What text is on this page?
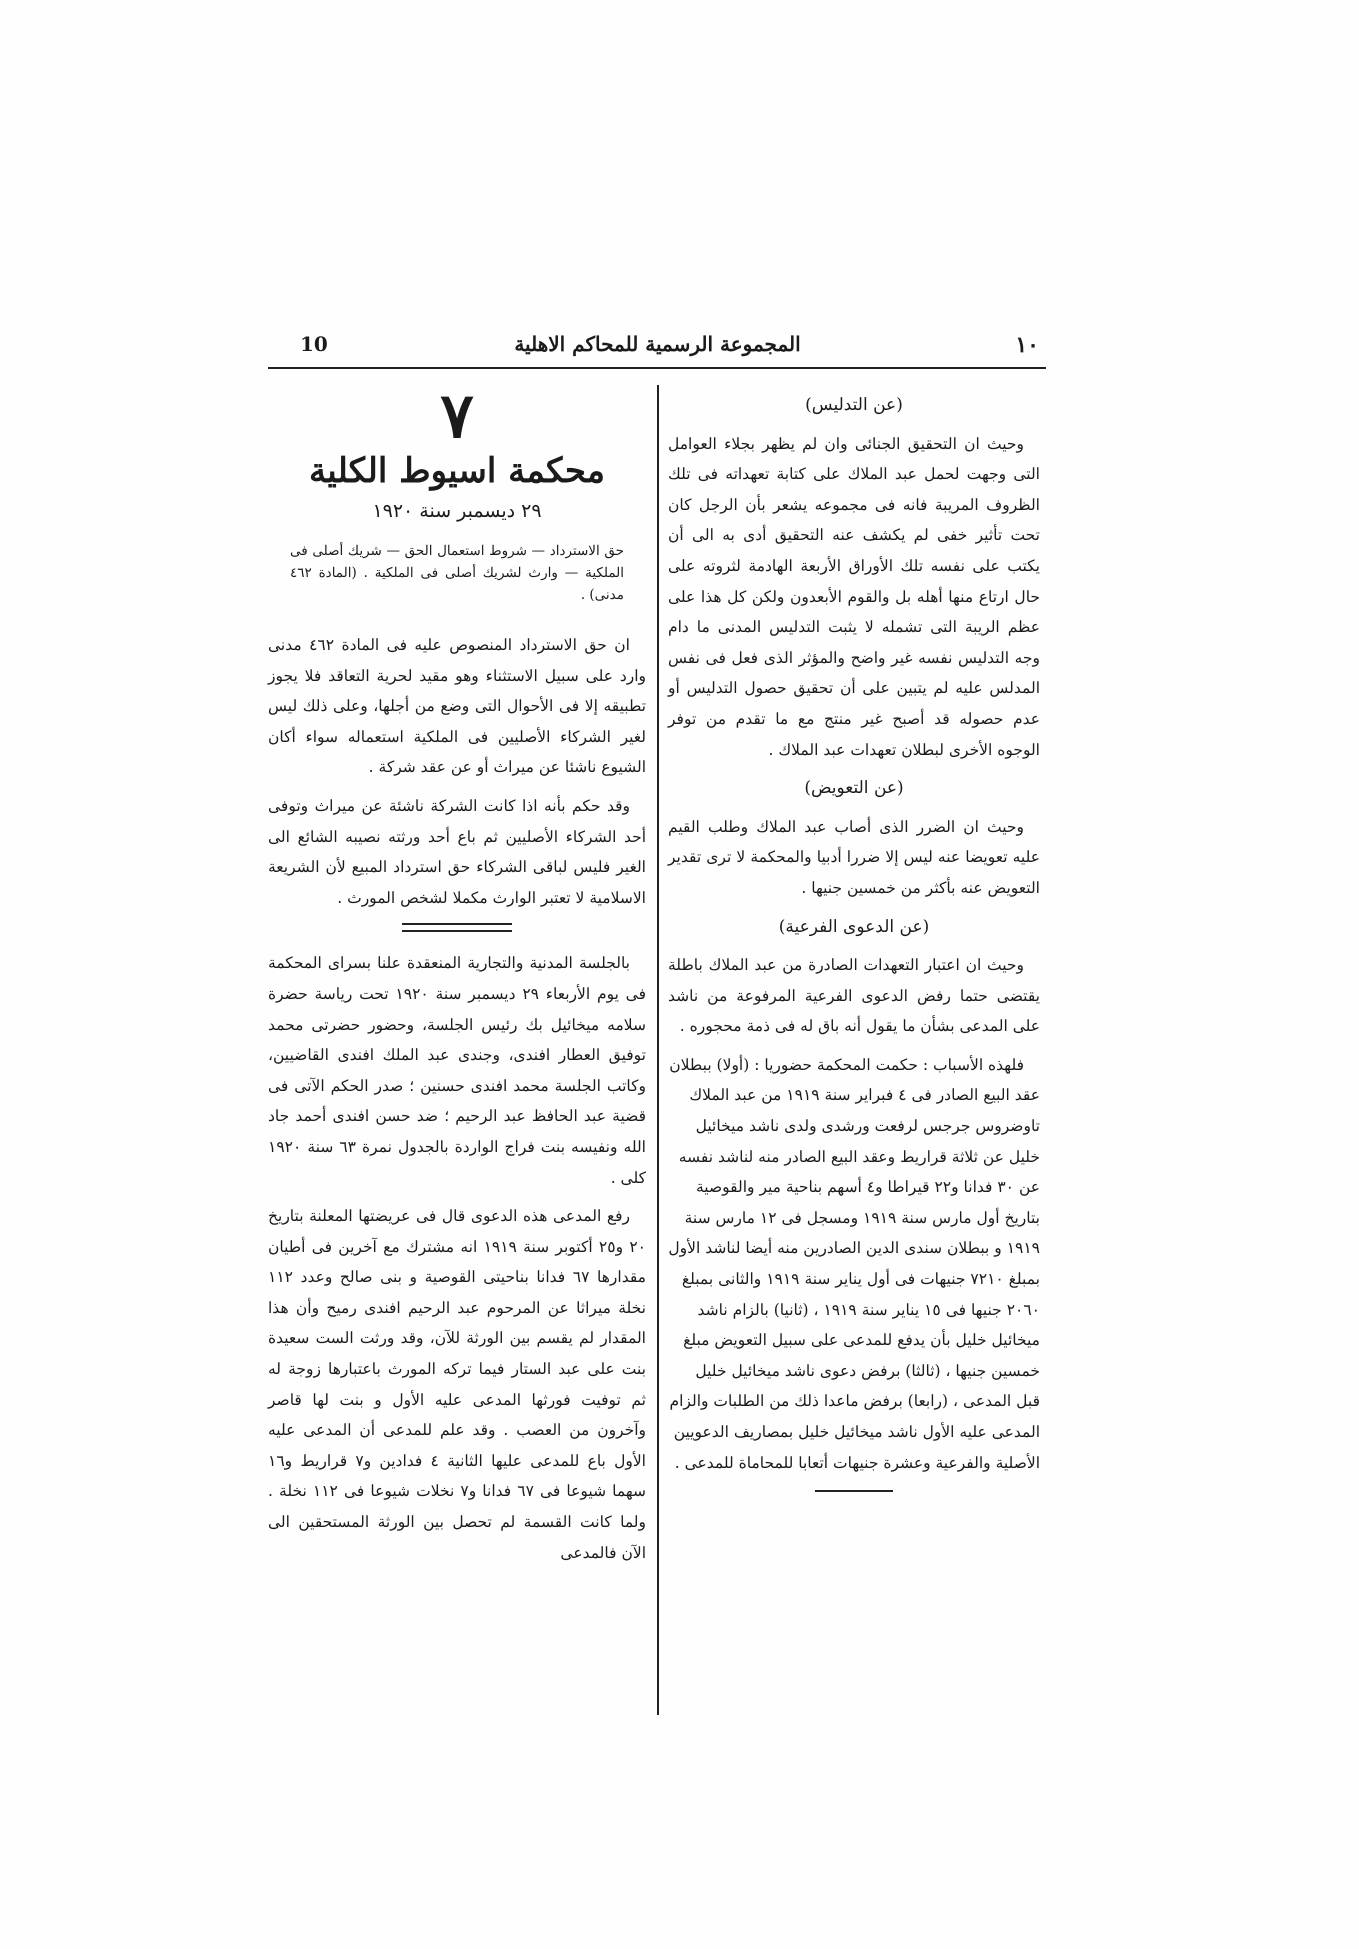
10	المجموعة الرسمية للمحاكم الاهلية	١٠
(عن التدليس)

وحيث ان التحقيق الجنائى وان لم يظهر بجلاء العوامل التى وجهت لحمل عبد الملاك على كتابة تعهداته فى تلك الظروف المريبة فانه فى مجموعه يشعر بأن الرجل كان تحت تأثير خفى لم يكشف عنه التحقيق أدى به الى أن يكتب على نفسه تلك الأوراق الأربعة الهادمة لثروته على حال ارتاع منها أهله بل والقوم الأبعدون ولكن كل هذا على عظم الريبة التى تشمله لا يثبت التدليس المدنى ما دام وجه التدليس نفسه غير واضح والمؤثر الذى فعل فى نفس المدلس عليه لم يتبين على أن تحقيق حصول التدليس أو عدم حصوله قد أصبح غير منتج مع ما تقدم من توفر الوجوه الأخرى لبطلان تعهدات عبد الملاك .

(عن التعويض)

وحيث ان الضرر الذى أصاب عبد الملاك وطلب القيم عليه تعويضا عنه ليس إلا ضررا أدبيا والمحكمة لا ترى تقدير التعويض عنه بأكثر من خمسين جنيها .

(عن الدعوى الفرعية)

وحيث ان اعتبار التعهدات الصادرة من عبد الملاك باطلة يقتضى حتما رفض الدعوى الفرعية المرفوعة من ناشد على المدعى بشأن ما يقول أنه باق له فى ذمة محجوره .

فلهذه الأسباب : حكمت المحكمة حضوريا : (أولا) ببطلان عقد البيع الصادر فى ٤ فبراير سنة ١٩١٩ من عبد الملاك تاوضروس جرجس لرفعت ورشدى ولدى ناشد ميخائيل خليل عن ثلاثة قراريط وعقد البيع الصادر منه لناشد نفسه عن ٣٠ فدانا و٢٢ قيراطا و٤ أسهم بناحية مير والقوصية بتاريخ أول مارس سنة ١٩١٩ ومسجل فى ١٢ مارس سنة ١٩١٩ و ببطلان سندى الدين الصادرين منه أيضا لناشد الأول بمبلغ ٧٢١٠ جنيهات فى أول يناير سنة ١٩١٩ والثانى بمبلغ ٢٠٦٠ جنيها فى ١٥ يناير سنة ١٩١٩ ، (ثانيا) بالزام ناشد ميخائيل خليل بأن يدفع للمدعى على سبيل التعويض مبلغ خمسين جنيها ، (ثالثا) برفض دعوى ناشد ميخائيل خليل قبل المدعى ، (رابعا) برفض ماعدا ذلك من الطلبات والزام المدعى عليه الأول ناشد ميخائيل خليل بمصاريف الدعويين الأصلية والفرعية وعشرة جنيهات أتعابا للمحاماة للمدعى .

٧
محكمة اسيوط الكلية
٢٩ ديسمبر سنة ١٩٢٠
حق الاسترداد — شروط استعمال الحق — شريك أصلى فى الملكية — وارث لشريك أصلى فى الملكية . (المادة ٤٦٢ مدنى) .

ان حق الاسترداد المنصوص عليه فى المادة ٤٦٢ مدنى وارد على سبيل الاستثناء وهو مقيد لحرية التعاقد فلا يجوز تطبيقه إلا فى الأحوال التى وضع من أجلها، وعلى ذلك ليس لغير الشركاء الأصليين فى الملكية استعماله سواء أكان الشيوع ناشئا عن ميراث أو عن عقد شركة .

وقد حكم بأنه اذا كانت الشركة ناشئة عن ميراث وتوفى أحد الشركاء الأصليين ثم باع أحد ورثته نصيبه الشائع الى الغير فليس لباقى الشركاء حق استرداد المبيع لأن الشريعة الاسلامية لا تعتبر الوارث مكملا لشخص المورث .

بالجلسة المدنية والتجارية المنعقدة علنا بسراى المحكمة فى يوم الأربعاء ٢٩ ديسمبر سنة ١٩٢٠ تحت رياسة حضرة سلامه ميخائيل بك رئيس الجلسة، وحضور حضرتى محمد توفيق العطار افندى، وجندى عبد الملك افندى القاضيين، وكاتب الجلسة محمد افندى حسنين ؛ صدر الحكم الآتى فى قضية عبد الحافظ عبد الرحيم ؛ ضد حسن افندى أحمد جاد الله ونفيسه بنت فراج الواردة بالجدول نمرة ٦٣ سنة ١٩٢٠ كلى .

رفع المدعى هذه الدعوى قال فى عريضتها المعلنة بتاريخ ٢٠ و٢٥ أكتوبر سنة ١٩١٩ انه مشترك مع آخرين فى أطيان مقدارها ٦٧ فدانا بناحيتى القوصية و بنى صالح وعدد ١١٢ نخلة ميراثا عن المرحوم عبد الرحيم افندى رميح وأن هذا المقدار لم يقسم بين الورثة للآن، وقد ورثت الست سعيدة بنت على عبد الستار فيما تركه المورث باعتبارها زوجة له ثم توفيت فورثها المدعى عليه الأول و بنت لها قاصر وآخرون من العصب . وقد علم للمدعى أن المدعى عليه الأول باع للمدعى عليها الثانية ٤ فدادين و٧ قراريط و١٦ سهما شيوعا فى ٦٧ فدانا و٧ نخلات شيوعا فى ١١٢ نخلة . ولما كانت القسمة لم تحصل بين الورثة المستحقين الى الآن فالمدعى
